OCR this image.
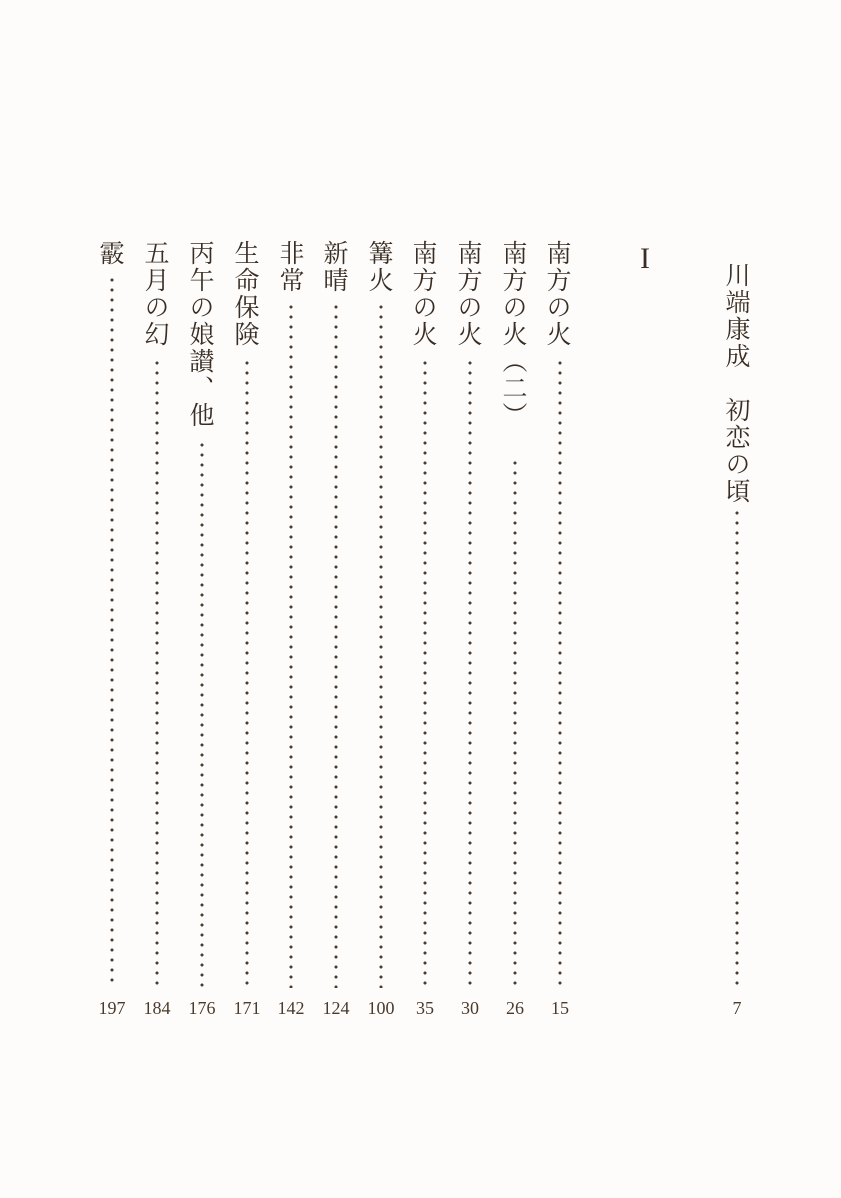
川端康成　初恋の頃
7
I
南方の火
15
南方の火（二）
26
南方の火
30
南方の火
35
篝火
100
新晴
124
非常
142
生命保険
171
丙午の娘讃、他
176
五月の幻
184
霰
197
